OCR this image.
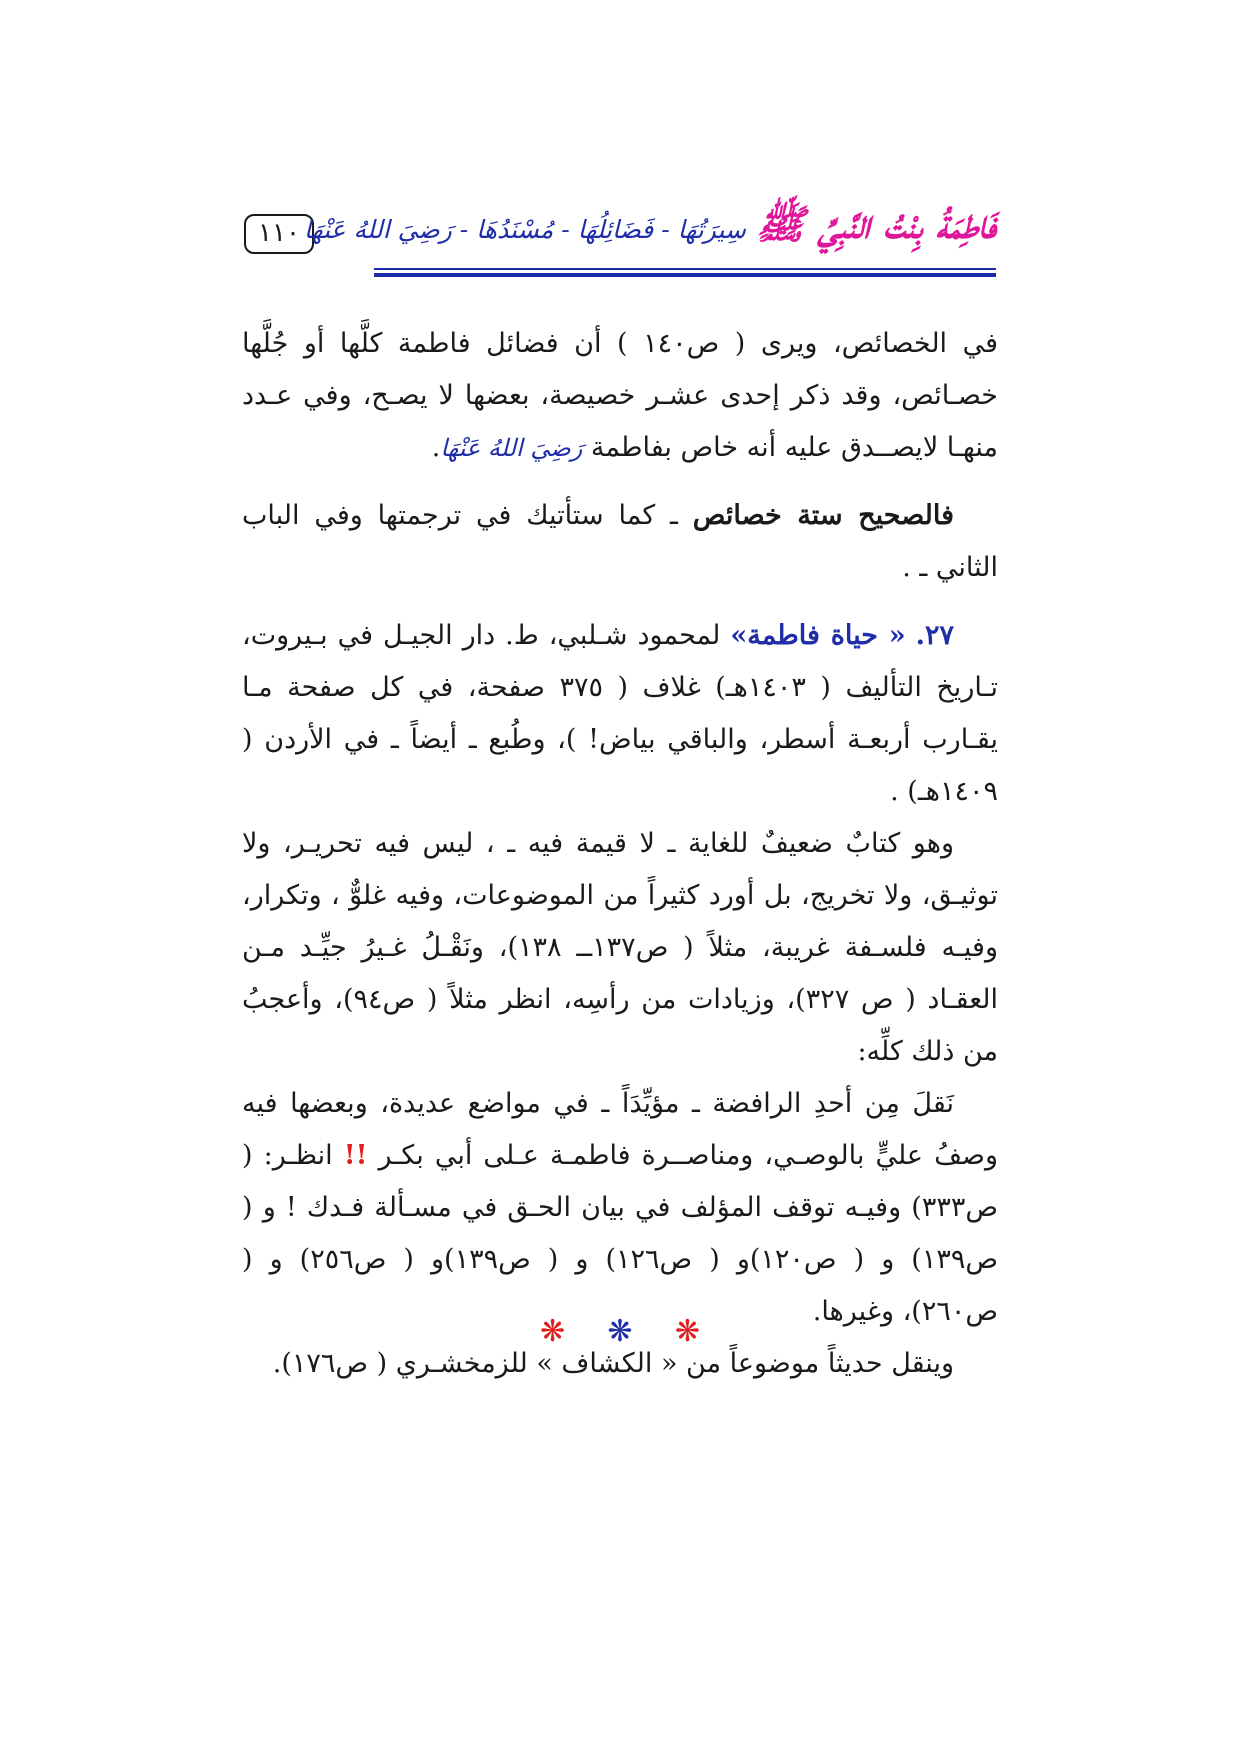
١١٠	فَاطِمَةُ بِنْتُ النَّبِيِّ ﷺسِيرَتُهَا - فَضَائِلُهَا - مُسْنَدُهَا - رَضِيَ اللهُ عَنْهَا

في الخصائص، ويرى ( ص١٤٠ ) أن فضائل فاطمة كلَّها أو جُلَّها خصـائص، وقد ذكر إحدى عشـر خصيصة، بعضها لا يصـح، وفي عـدد منهـا لايصــدق عليه أنه خاص بفاطمة رَضِيَ اللهُ عَنْهَا.

فالصحيح ستة خصائص ـ كما ستأتيك في ترجمتها وفي الباب الثاني ـ .

٢٧. « حياة فاطمة» لمحمود شـلبي، ط. دار الجيـل في بـيروت، تـاريخ التأليف ( ١٤٠٣هـ) غلاف ( ٣٧٥ صفحة، في كل صفحة مـا يقـارب أربعـة أسطر، والباقي بياض! )، وطُبع ـ أيضاً ـ في الأردن ( ١٤٠٩هـ) .

وهو كتابٌ ضعيفٌ للغاية ـ لا قيمة فيه ـ ، ليس فيه تحريـر، ولا توثيـق، ولا تخريج، بل أورد كثيراً من الموضوعات، وفيه غلوٌّ ، وتكرار، وفيـه فلسـفة غريبة، مثلاً ( ص١٣٧ــ ١٣٨)، ونَقْـلُ غـيرُ جيِّـد مـن العقـاد ( ص ٣٢٧)، وزيادات من رأسِه، انظر مثلاً ( ص٩٤)، وأعجبُ من ذلك كلِّه:

نَقلَ مِن أحدِ الرافضة ـ مؤيِّدَاً ـ في مواضع عديدة، وبعضها فيه وصفُ عليٍّ بالوصـي، ومناصــرة فاطمـة عـلى أبي بكـر !! انظـر: ( ص٣٣٣) وفيـه توقف المؤلف في بيان الحـق في مسـألة فـدك ! و ( ص١٣٩) و ( ص١٢٠)و ( ص١٢٦) و ( ص١٣٩)و ( ص٢٥٦) و ( ص٢٦٠)، وغيرها.

وينقل حديثاً موضوعاً من « الكشاف » للزمخشـري ( ص١٧٦).

❋ ❋ ❋
